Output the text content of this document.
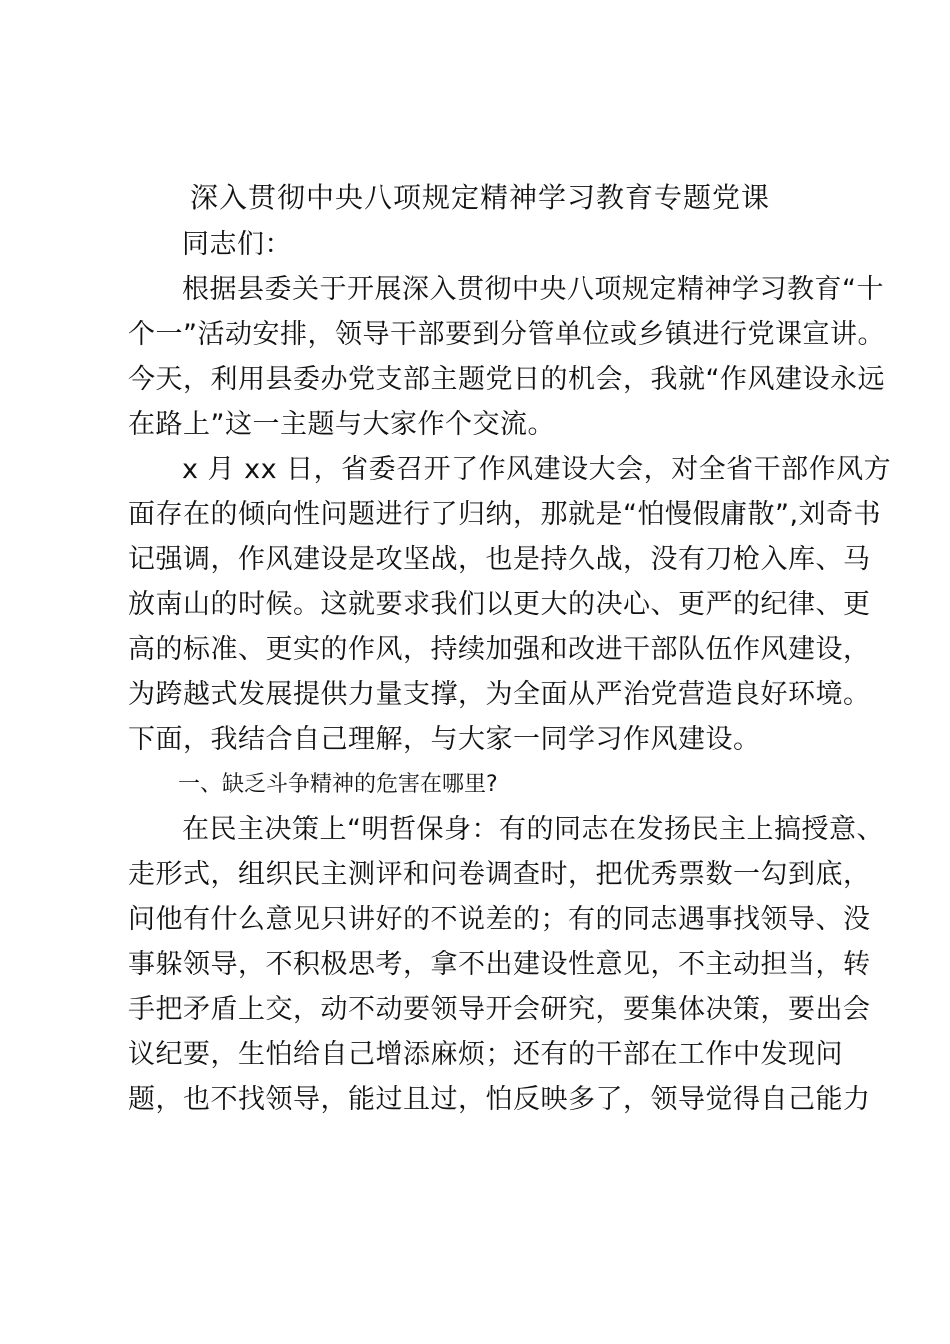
深入贯彻中央八项规定精神学习教育专题党课
同志们：
根据县委关于开展深入贯彻中央八项规定精神学习教育“十
个一”活动安排，领导干部要到分管单位或乡镇进行党课宣讲。
今天，利用县委办党支部主题党日的机会，我就“作风建设永远
在路上”这一主题与大家作个交流。
x 月 xx 日，省委召开了作风建设大会，对全省干部作风方
面存在的倾向性问题进行了归纳，那就是“怕慢假庸散”,刘奇书
记强调，作风建设是攻坚战，也是持久战，没有刀枪入库、马
放南山的时候。这就要求我们以更大的决心、更严的纪律、更
高的标准、更实的作风，持续加强和改进干部队伍作风建设，
为跨越式发展提供力量支撑，为全面从严治党营造良好环境。
下面，我结合自己理解，与大家一同学习作风建设。
一、缺乏斗争精神的危害在哪里?
在民主决策上“明哲保身：有的同志在发扬民主上搞授意、
走形式，组织民主测评和问卷调查时，把优秀票数一勾到底，
问他有什么意见只讲好的不说差的；有的同志遇事找领导、没
事躲领导，不积极思考，拿不出建设性意见，不主动担当，转
手把矛盾上交，动不动要领导开会研究，要集体决策，要出会
议纪要，生怕给自己增添麻烦；还有的干部在工作中发现问
题，也不找领导，能过且过，怕反映多了，领导觉得自己能力
